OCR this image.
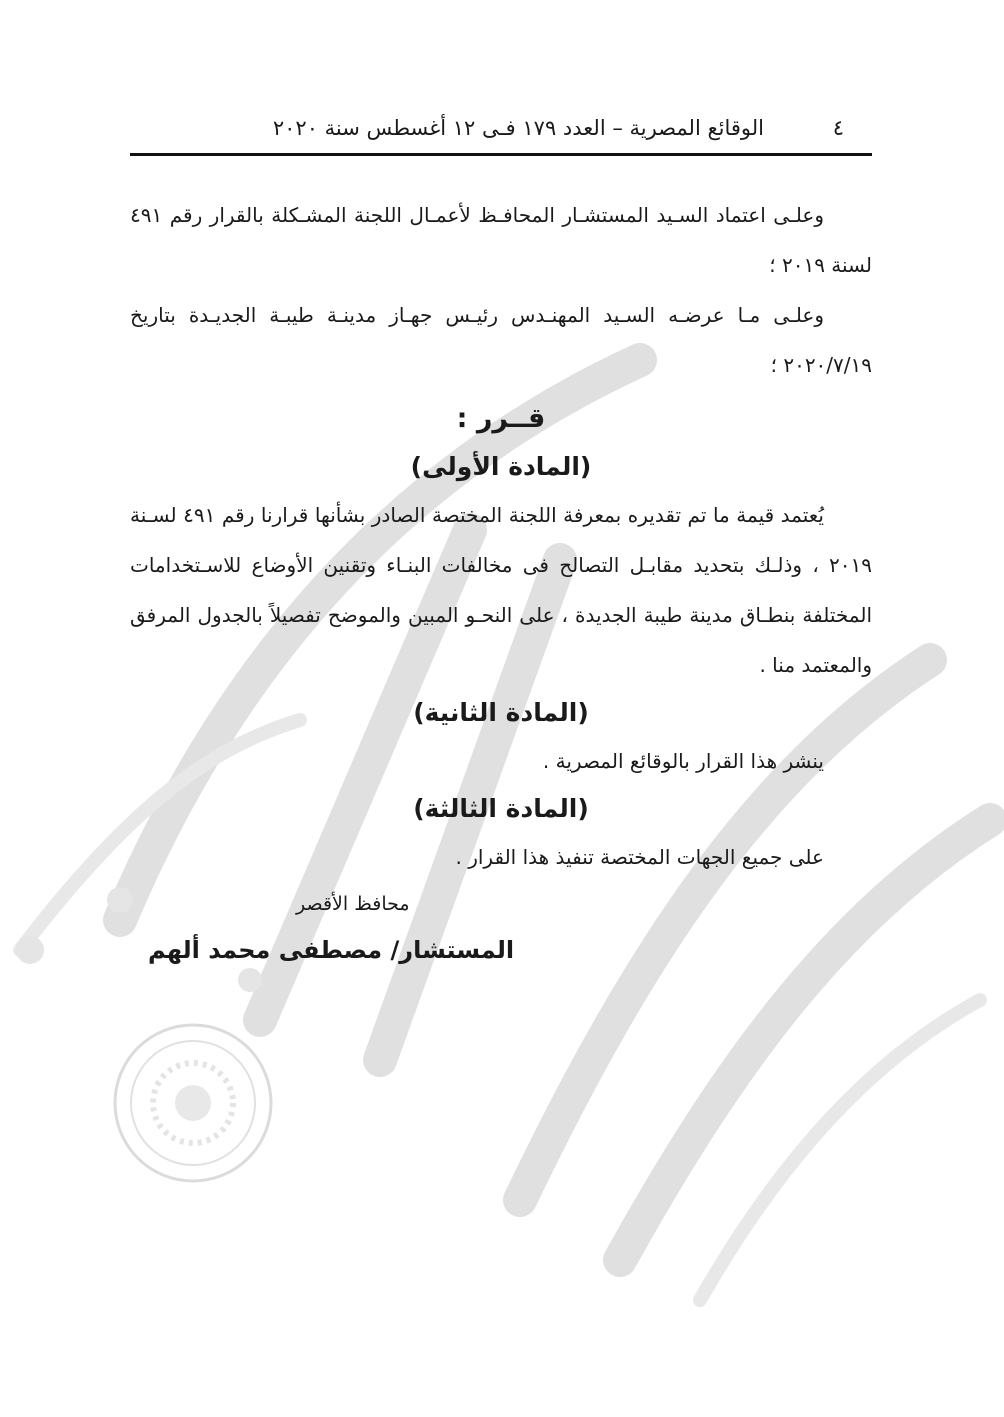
٤
الوقائع المصرية – العدد ١٧٩ فـى ١٢ أغسطس سنة ٢٠٢٠

وعلـى اعتماد السـيد المستشـار المحافـظ لأعمـال اللجنة المشـكلة بالقرار رقم ٤٩١ لسنة ٢٠١٩ ؛

وعلـى مـا عرضـه السـيد المهنـدس رئيـس جهـاز مدينـة طيبـة الجديـدة بتاريخ ٢٠٢٠/٧/١٩ ؛

قــرر :

(المادة الأولى)

يُعتمد قيمة ما تم تقديره بمعرفة اللجنة المختصة الصادر بشأنها قرارنا رقم ٤٩١ لسـنة ٢٠١٩ ، وذلـك بتحديد مقابـل التصالح فى مخالفات البنـاء وتقنين الأوضاع للاسـتخدامات المختلفة بنطـاق مدينة طيبة الجديدة ، على النحـو المبين والموضح تفصيلاً بالجدول المرفق والمعتمد منا .

(المادة الثانية)

ينشر هذا القرار بالوقائع المصرية .

(المادة الثالثة)

على جميع الجهات المختصة تنفيذ هذا القرار .

محافظ الأقصر
المستشار/ مصطفى محمد ألهم
